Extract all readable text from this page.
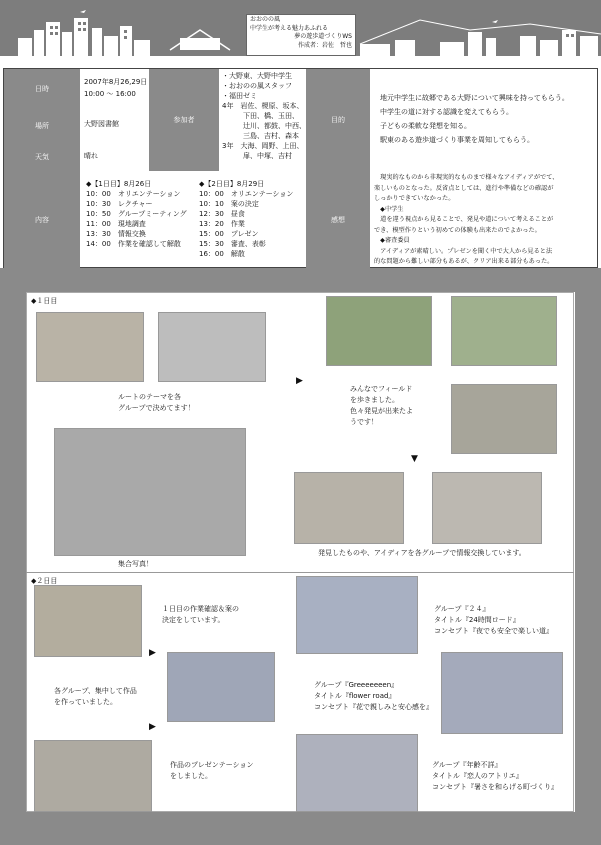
おおのの風
中学生が考える魅力あふれる
夢の遊歩道づくりWS
作成者：岩佐　哲也
日時
場所
天気
内容
2007年8月26,29日
10:00 ～ 16:00
大野図書館
晴れ
参加者
・大野東、大野中学生
・おおのの風スタッフ
・福田ゼミ
4年　岩佐、榎原、坂本、
　　　下田、橋、玉田、
　　　辻川、都鼓、中西、
　　　三島、吉村、森本
3年　大海、岡野、上田、
　　　扉、中塚、吉村
目的
地元中学生に故郷である大野について興味を持ってもらう。
中学生の道に対する認識を変えてもらう。
子どもの柔軟な発想を知る。
駅東のある遊歩道づくり事業を周知してもらう。
◆【1日目】8月26日
10：00　 オリエンテーション
10：30　 レクチャー
10：50　 グループミーティング
11：00　 現地調査
13：30　 情報交換
14：00　 作業を確認して解散
◆【2日目】8月29日
10：00　 オリエンテーション
10：10　 案の決定
12：30　 昼食
13：20　 作業
15：00　 プレゼン
15：30　 審査、表彰
16：00　 解散
感想
　現実的なものから非現実的なものまで様々なアイディアがでて、
楽しいものとなった。反省点としては、進行や準備などの確認が
しっかりできていなかった。
　◆中学生
　道を違う視点から見ることで、発見や道について考えることが
でき、模型作りという初めての体験も出来たのでよかった。
　◆審査委員
　アイディアが素晴しい。プレゼンを聞く中で大人から見ると法
的な問題から難しい部分もあるが、クリア出来る部分もあった。
◆１日目
ルートのテーマを各
グループで決めてます！
▶
みんなでフィールド
を歩きました。
色々発見が出来たよ
うです！
▼
集合写真！
発見したものや、アイディアを各グループで情報交換しています。
◆２日目
１日目の作業確認＆案の
決定をしています。
▶
各グループ、集中して作品
を作っていました。
▶
作品のプレゼンテーション
をしました。
グループ『２４』
タイトル『24時間ロード』
コンセプト『夜でも安全で楽しい道』
グループ『Greeeeeeen』
タイトル『flower road』
コンセプト『花で親しみと安心感を』
グループ『年齢不詳』
タイトル『恋人のアトリエ』
コンセプト『暑さを和らげる町づくり』
